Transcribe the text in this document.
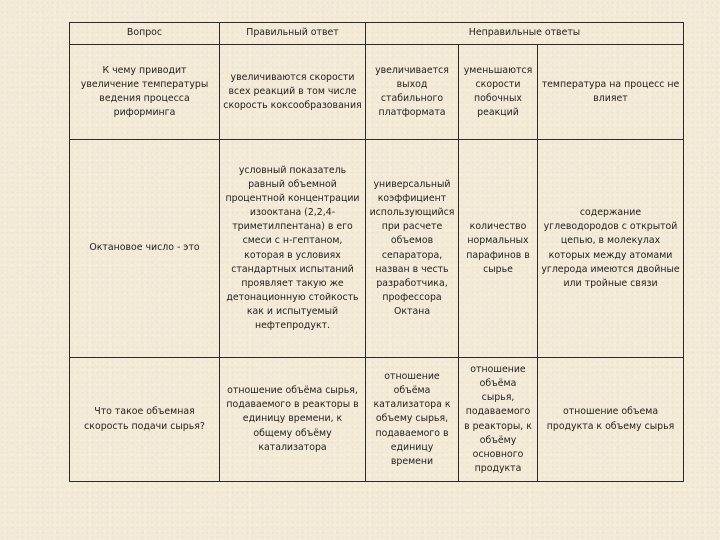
Вопрос	Правильный ответ	Неправильные ответы		

К чему приводит увеличение температуры ведения процесса риформинга	увеличиваются скорости всех реакций в том числе скорость коксообразования	увеличивается выход стабильного платформата	уменьшаются скорости побочных реакций	температура на процесс не влияет

Октановое число - это	условный показатель равный объемной процентной концентрации изооктана (2,2,4-триметилпентана) в его смеси с н-гептаном, которая в условиях стандартных испытаний проявляет такую же детонационную стойкость как и испытуемый нефтепродукт.	универсальный коэффициент использующийся при расчете объемов сепаратора, назван в честь разработчика, профессора Октана	количество нормальных парафинов в сырье	содержание углеводородов с открытой цепью, в молекулах которых между атомами углерода имеются двойные или тройные связи

Что такое объемная скорость подачи сырья?	отношение объёма сырья, подаваемого в реакторы в единицу времени, к общему объёму катализатора	отношение объёма катализатора к объему сырья, подаваемого в единицу времени	отношение объёма сырья, подаваемого в реакторы, к объёму основного продукта	отношение объема продукта к объему сырья
